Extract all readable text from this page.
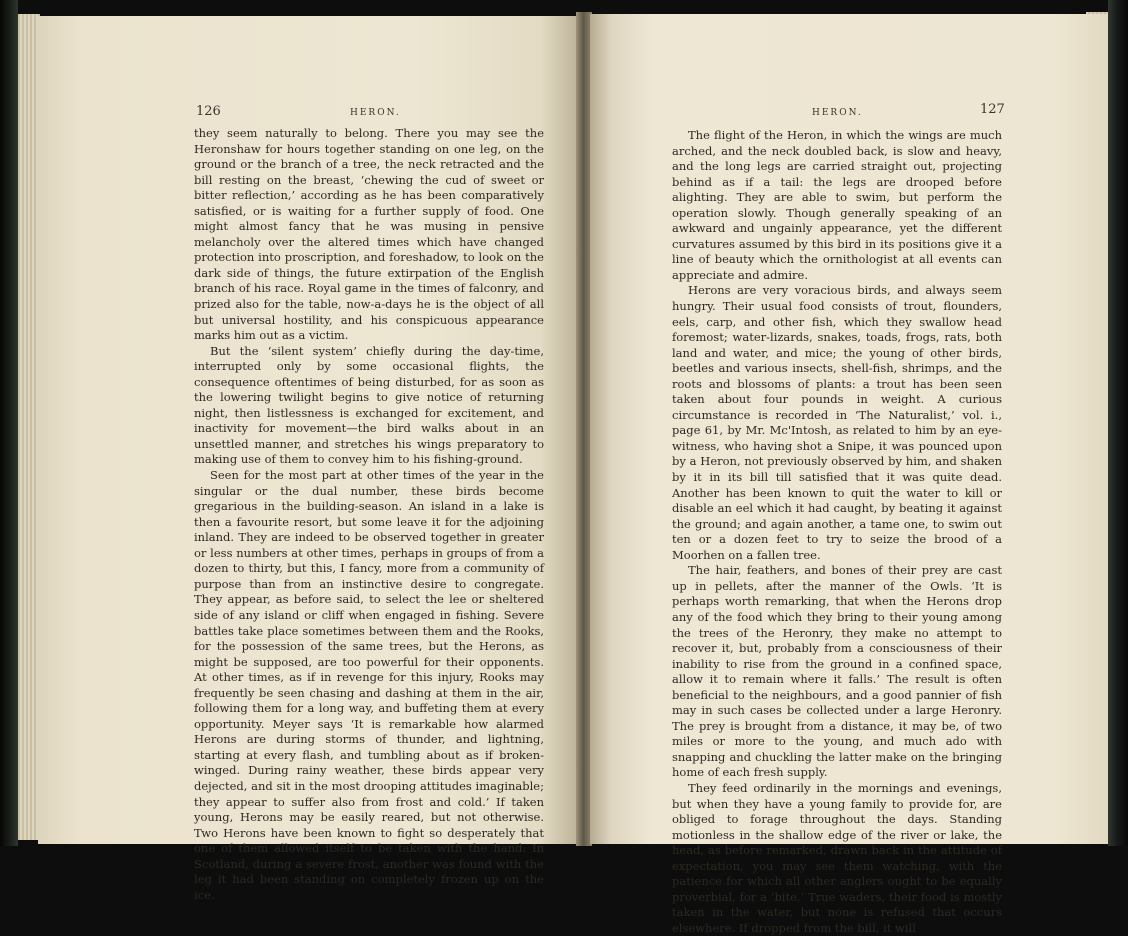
126	HERON.

they seem naturally to belong. There you may see the Heronshaw for hours together standing on one leg, on the ground or the branch of a tree, the neck retracted and the bill resting on the breast, ‘chewing the cud of sweet or bitter reflection,’ according as he has been comparatively satisfied, or is waiting for a further supply of food. One might almost fancy that he was musing in pensive melancholy over the altered times which have changed protection into proscription, and foreshadow, to look on the dark side of things, the future extirpation of the English branch of his race. Royal game in the times of falconry, and prized also for the table, now-a-days he is the object of all but universal hostility, and his conspicuous appearance marks him out as a victim.

But the ‘silent system’ chiefly during the day-time, interrupted only by some occasional flights, the consequence oftentimes of being disturbed, for as soon as the lowering twilight begins to give notice of returning night, then listlessness is exchanged for excitement, and inactivity for movement—the bird walks about in an unsettled manner, and stretches his wings preparatory to making use of them to convey him to his fishing-ground.

Seen for the most part at other times of the year in the singular or the dual number, these birds become gregarious in the building-season. An island in a lake is then a favourite resort, but some leave it for the adjoining inland. They are indeed to be observed together in greater or less numbers at other times, perhaps in groups of from a dozen to thirty, but this, I fancy, more from a community of purpose than from an instinctive desire to congregate. They appear, as before said, to select the lee or sheltered side of any island or cliff when engaged in fishing. Severe battles take place sometimes between them and the Rooks, for the possession of the same trees, but the Herons, as might be supposed, are too powerful for their opponents. At other times, as if in revenge for this injury, Rooks may frequently be seen chasing and dashing at them in the air, following them for a long way, and buffeting them at every opportunity. Meyer says ‘It is remarkable how alarmed Herons are during storms of thunder, and lightning, starting at every flash, and tumbling about as if broken-winged. During rainy weather, these birds appear very dejected, and sit in the most drooping attitudes imaginable; they appear to suffer also from frost and cold.’ If taken young, Herons may be easily reared, but not otherwise. Two Herons have been known to fight so desperately that one of them allowed itself to be taken with the hand. In Scotland, during a severe frost, another was found with the leg it had been standing on completely frozen up on the ice.

HERON.	127

The flight of the Heron, in which the wings are much arched, and the neck doubled back, is slow and heavy, and the long legs are carried straight out, projecting behind as if a tail: the legs are drooped before alighting. They are able to swim, but perform the operation slowly. Though generally speaking of an awkward and ungainly appearance, yet the different curvatures assumed by this bird in its positions give it a line of beauty which the ornithologist at all events can appreciate and admire.

Herons are very voracious birds, and always seem hungry. Their usual food consists of trout, flounders, eels, carp, and other fish, which they swallow head foremost; water-lizards, snakes, toads, frogs, rats, both land and water, and mice; the young of other birds, beetles and various insects, shell-fish, shrimps, and the roots and blossoms of plants: a trout has been seen taken about four pounds in weight. A curious circumstance is recorded in ‘The Naturalist,’ vol. i., page 61, by Mr. Mc'Intosh, as related to him by an eye-witness, who having shot a Snipe, it was pounced upon by a Heron, not previously observed by him, and shaken by it in its bill till satisfied that it was quite dead. Another has been known to quit the water to kill or disable an eel which it had caught, by beating it against the ground; and again another, a tame one, to swim out ten or a dozen feet to try to seize the brood of a Moorhen on a fallen tree.

The hair, feathers, and bones of their prey are cast up in pellets, after the manner of the Owls. ‘It is perhaps worth remarking, that when the Herons drop any of the food which they bring to their young among the trees of the Heronry, they make no attempt to recover it, but, probably from a consciousness of their inability to rise from the ground in a confined space, allow it to remain where it falls.’ The result is often beneficial to the neighbours, and a good pannier of fish may in such cases be collected under a large Heronry. The prey is brought from a distance, it may be, of two miles or more to the young, and much ado with snapping and chuckling the latter make on the bringing home of each fresh supply.

They feed ordinarily in the mornings and evenings, but when they have a young family to provide for, are obliged to forage throughout the days. Standing motionless in the shallow edge of the river or lake, the head, as before remarked, drawn back in the attitude of expectation, you may see them watching, with the patience for which all other anglers ought to be equally proverbial, for a ‘bite.’ True waders, their food is mostly taken in the water, but none is refused that occurs elsewhere. If dropped from the bill, it will
